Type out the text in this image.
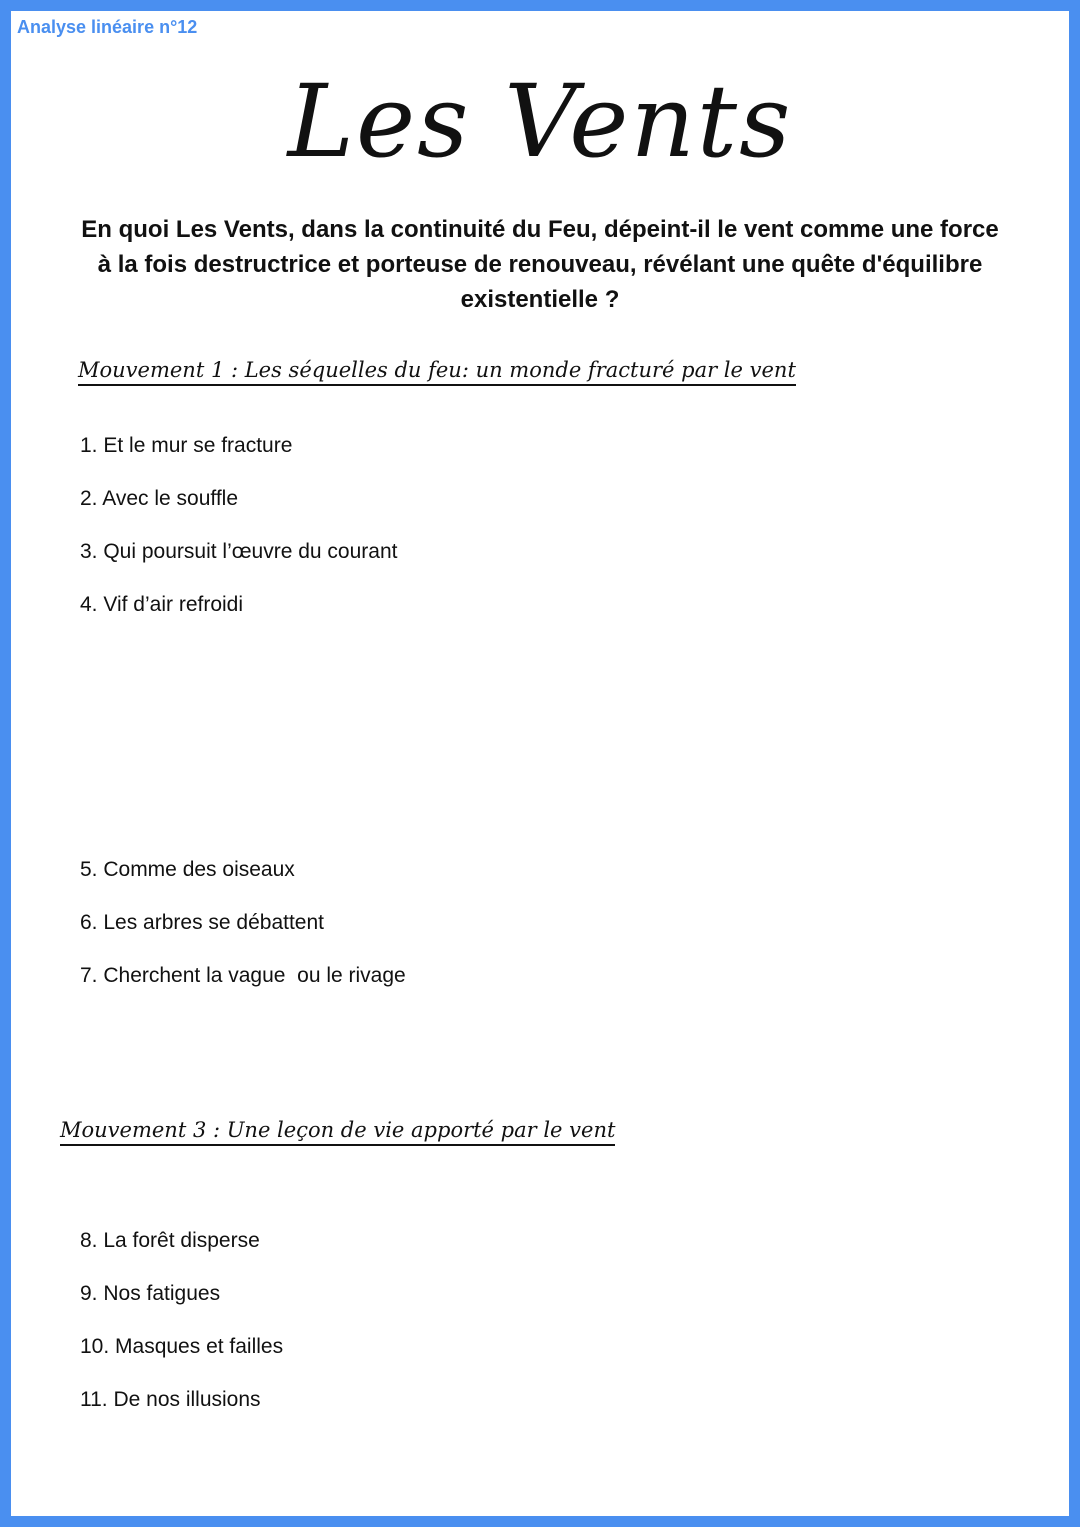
Analyse linéaire n°12
Les Vents
En quoi Les Vents, dans la continuité du Feu, dépeint-il le vent comme une force à la fois destructrice et porteuse de renouveau, révélant une quête d'équilibre existentielle ?
Mouvement 1 : Les séquelles du feu: un monde fracturé par le vent
1. Et le mur se fracture
2. Avec le souffle
3. Qui poursuit l’œuvre du courant
4. Vif d’air refroidi
5. Comme des oiseaux
6. Les arbres se débattent
7. Cherchent la vague  ou le rivage
Mouvement 3 : Une leçon de vie apporté par le vent
8. La forêt disperse
9. Nos fatigues
10. Masques et failles
11. De nos illusions
